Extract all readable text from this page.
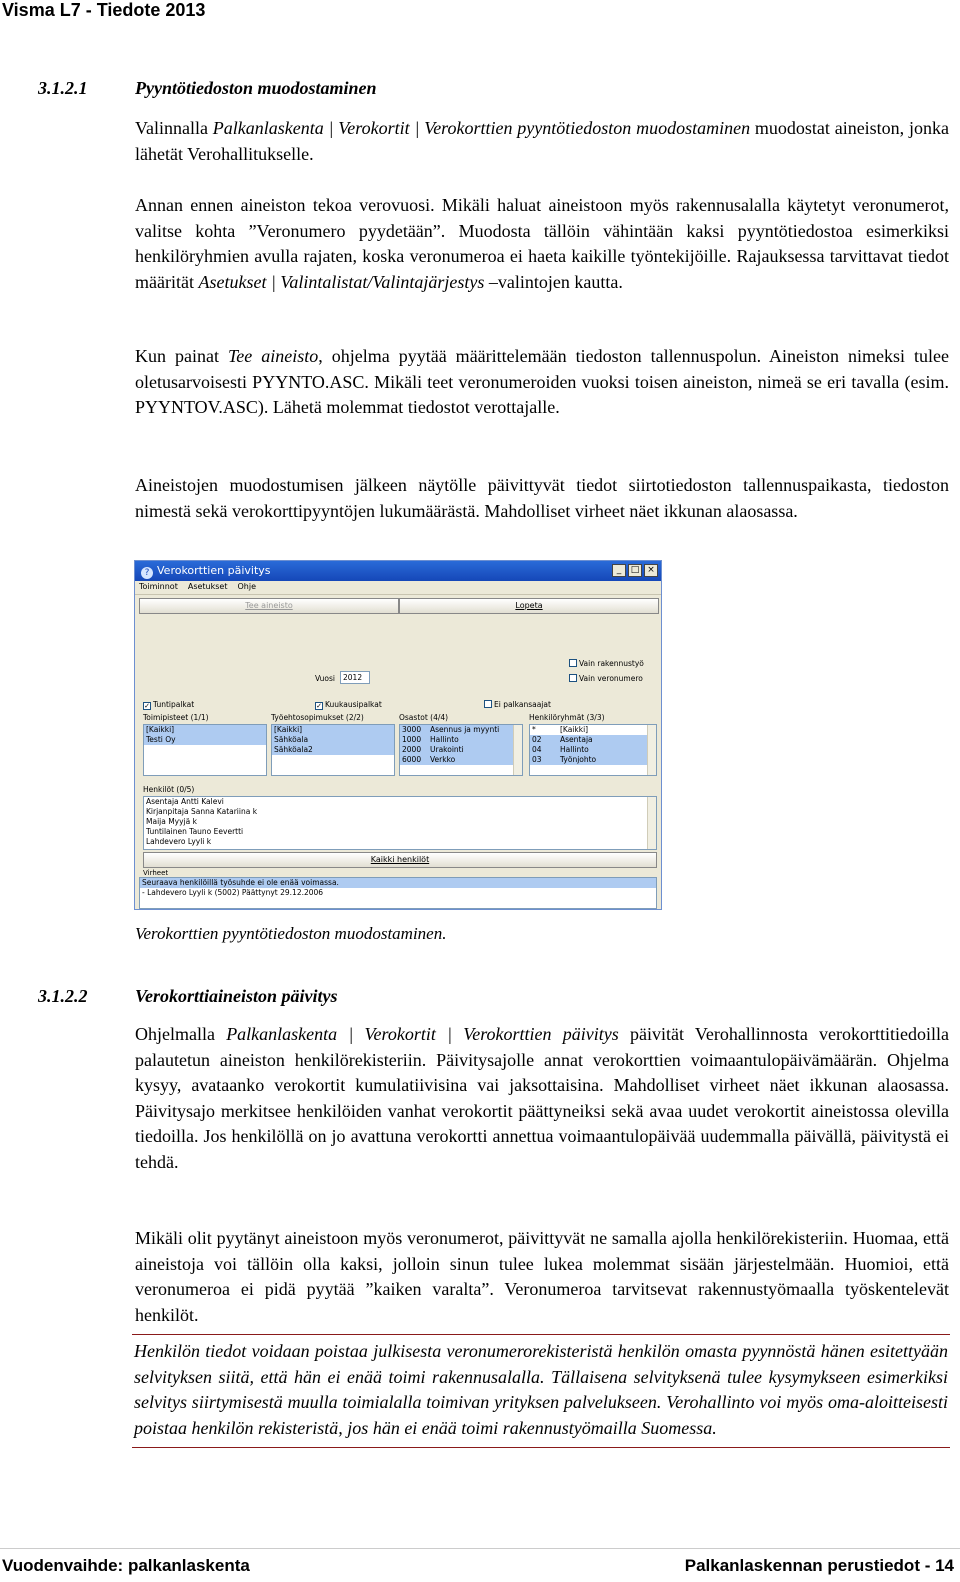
Visma L7 - Tiedote 2013
3.1.2.1	Pyyntötiedoston muodostaminen
Valinnalla Palkanlaskenta | Verokortit | Verokorttien pyyntötiedoston muodostaminen muodostat aineiston, jonka lähetät Verohallitukselle.
Annan ennen aineiston tekoa verovuosi. Mikäli haluat aineistoon myös rakennusalalla käytetyt veronumerot, valitse kohta ”Veronumero pyydetään”. Muodosta tällöin vähintään kaksi pyyntötiedostoa esimerkiksi henkilöryhmien avulla rajaten, koska veronumeroa ei haeta kaikille työntekijöille. Rajauksessa tarvittavat tiedot määrität Asetukset | Valintalistat/Valintajärjestys –valintojen kautta.
Kun painat Tee aineisto, ohjelma pyytää määrittelemään tiedoston tallennuspolun. Aineiston nimeksi tulee oletusarvoisesti PYYNTO.ASC. Mikäli teet veronumeroiden vuoksi toisen aineiston, nimeä se eri tavalla (esim. PYYNTOV.ASC). Lähetä molemmat tiedostot verottajalle.
Aineistojen muodostumisen jälkeen näytölle päivittyvät tiedot siirtotiedoston tallennuspaikasta, tiedoston nimestä sekä verokorttipyyntöjen lukumäärästä. Mahdolliset virheet näet ikkunan alaosassa.
? Verokorttien päivitys	_	□ ×
Toiminnot Asetukset Ohje
Tee aineisto	Lopeta
Vuosi	2012
Vain rakennustyö
Vain veronumero
✓ Tuntipalkat	✓ Kuukausipalkat	Ei palkansaajat
Toimipisteet (1/1)	Työehtosopimukset (2/2)	Osastot (4/4)	Henkilöryhmät (3/3)
[Kaikki]
Testi Oy
[Kaikki]
Sähköala
Sähköala2
3000 Asennus ja myynti
1000 Hallinto
2000 Urakointi
6000 Verkko
*	[Kaikki]
02 Asentaja
04 Hallinto
03 Työnjohto
Henkilöt (0/5)
Asentaja Antti Kalevi
Kirjanpitaja Sanna Katariina k
Maija Myyjä k
Tuntilainen Tauno Eevertti
Lahdevero Lyyli k
Kaikki henkilöt
Virheet
Seuraava henkilöillä työsuhde ei ole enää voimassa.
- Lahdevero Lyyli k (5002) Päättynyt 29.12.2006
Verokorttien pyyntötiedoston muodostaminen.
3.1.2.2	Verokorttiaineiston päivitys
Ohjelmalla Palkanlaskenta | Verokortit | Verokorttien päivitys päivität Verohallinnosta verokorttitiedoilla palautetun aineiston henkilörekisteriin. Päivitysajolle annat verokorttien voimaantulopäivämäärän. Ohjelma kysyy, avataanko verokortit kumulatiivisina vai jaksottaisina. Mahdolliset virheet näet ikkunan alaosassa. Päivitysajo merkitsee henkilöiden vanhat verokortit päättyneiksi sekä avaa uudet verokortit aineistossa olevilla tiedoilla. Jos henkilöllä on jo avattuna verokortti annettua voimaantulopäivää uudemmalla päivällä, päivitystä ei tehdä.
Mikäli olit pyytänyt aineistoon myös veronumerot, päivittyvät ne samalla ajolla henkilörekisteriin. Huomaa, että aineistoja voi tällöin olla kaksi, jolloin sinun tulee lukea molemmat sisään järjestelmään. Huomioi, että veronumeroa ei pidä pyytää ”kaiken varalta”. Veronumeroa tarvitsevat rakennustyömaalla työskentelevät henkilöt.
Henkilön tiedot voidaan poistaa julkisesta veronumerorekisteristä henkilön omasta pyynnöstä hänen esitettyään selvityksen siitä, että hän ei enää toimi rakennusalalla. Tällaisena selvityksenä tulee kysymykseen esimerkiksi selvitys siirtymisestä muulla toimialalla toimivan yrityksen palvelukseen. Verohallinto voi myös oma-aloitteisesti poistaa henkilön rekisteristä, jos hän ei enää toimi rakennustyömailla Suomessa.
Vuodenvaihde: palkanlaskenta	Palkanlaskennan perustiedot - 14
